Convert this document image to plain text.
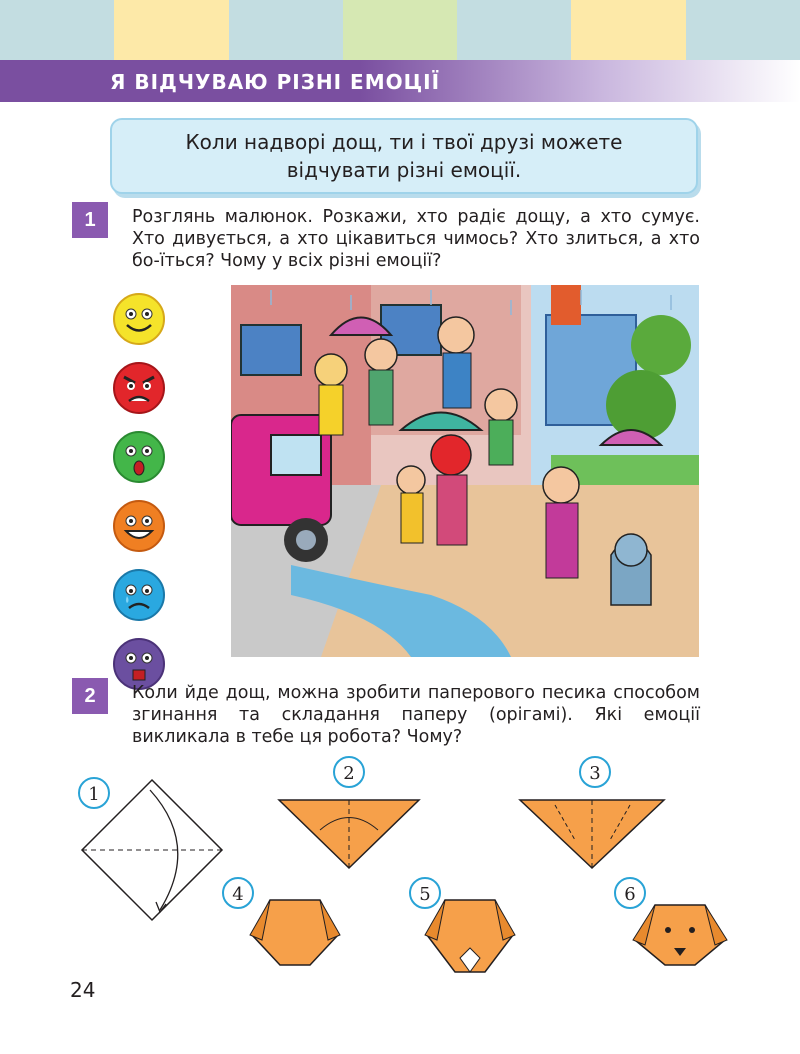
Я ВІДЧУВАЮ РІЗНІ ЕМОЦІЇ
Коли надворі дощ, ти і твої друзі можете відчувати різні емоції.
1	Розглянь малюнок. Розкажи, хто радіє дощу, а хто сумує. Хто дивується, а хто цікавиться чимось? Хто злиться, а хто бо-їться? Чому у всіх різні емоції?

2	Коли йде дощ, можна зробити паперового песика способом згинання та складання паперу (орігамі). Які емоції викликала в тебе ця робота? Чому?
1
2	3
4	5	6
24
